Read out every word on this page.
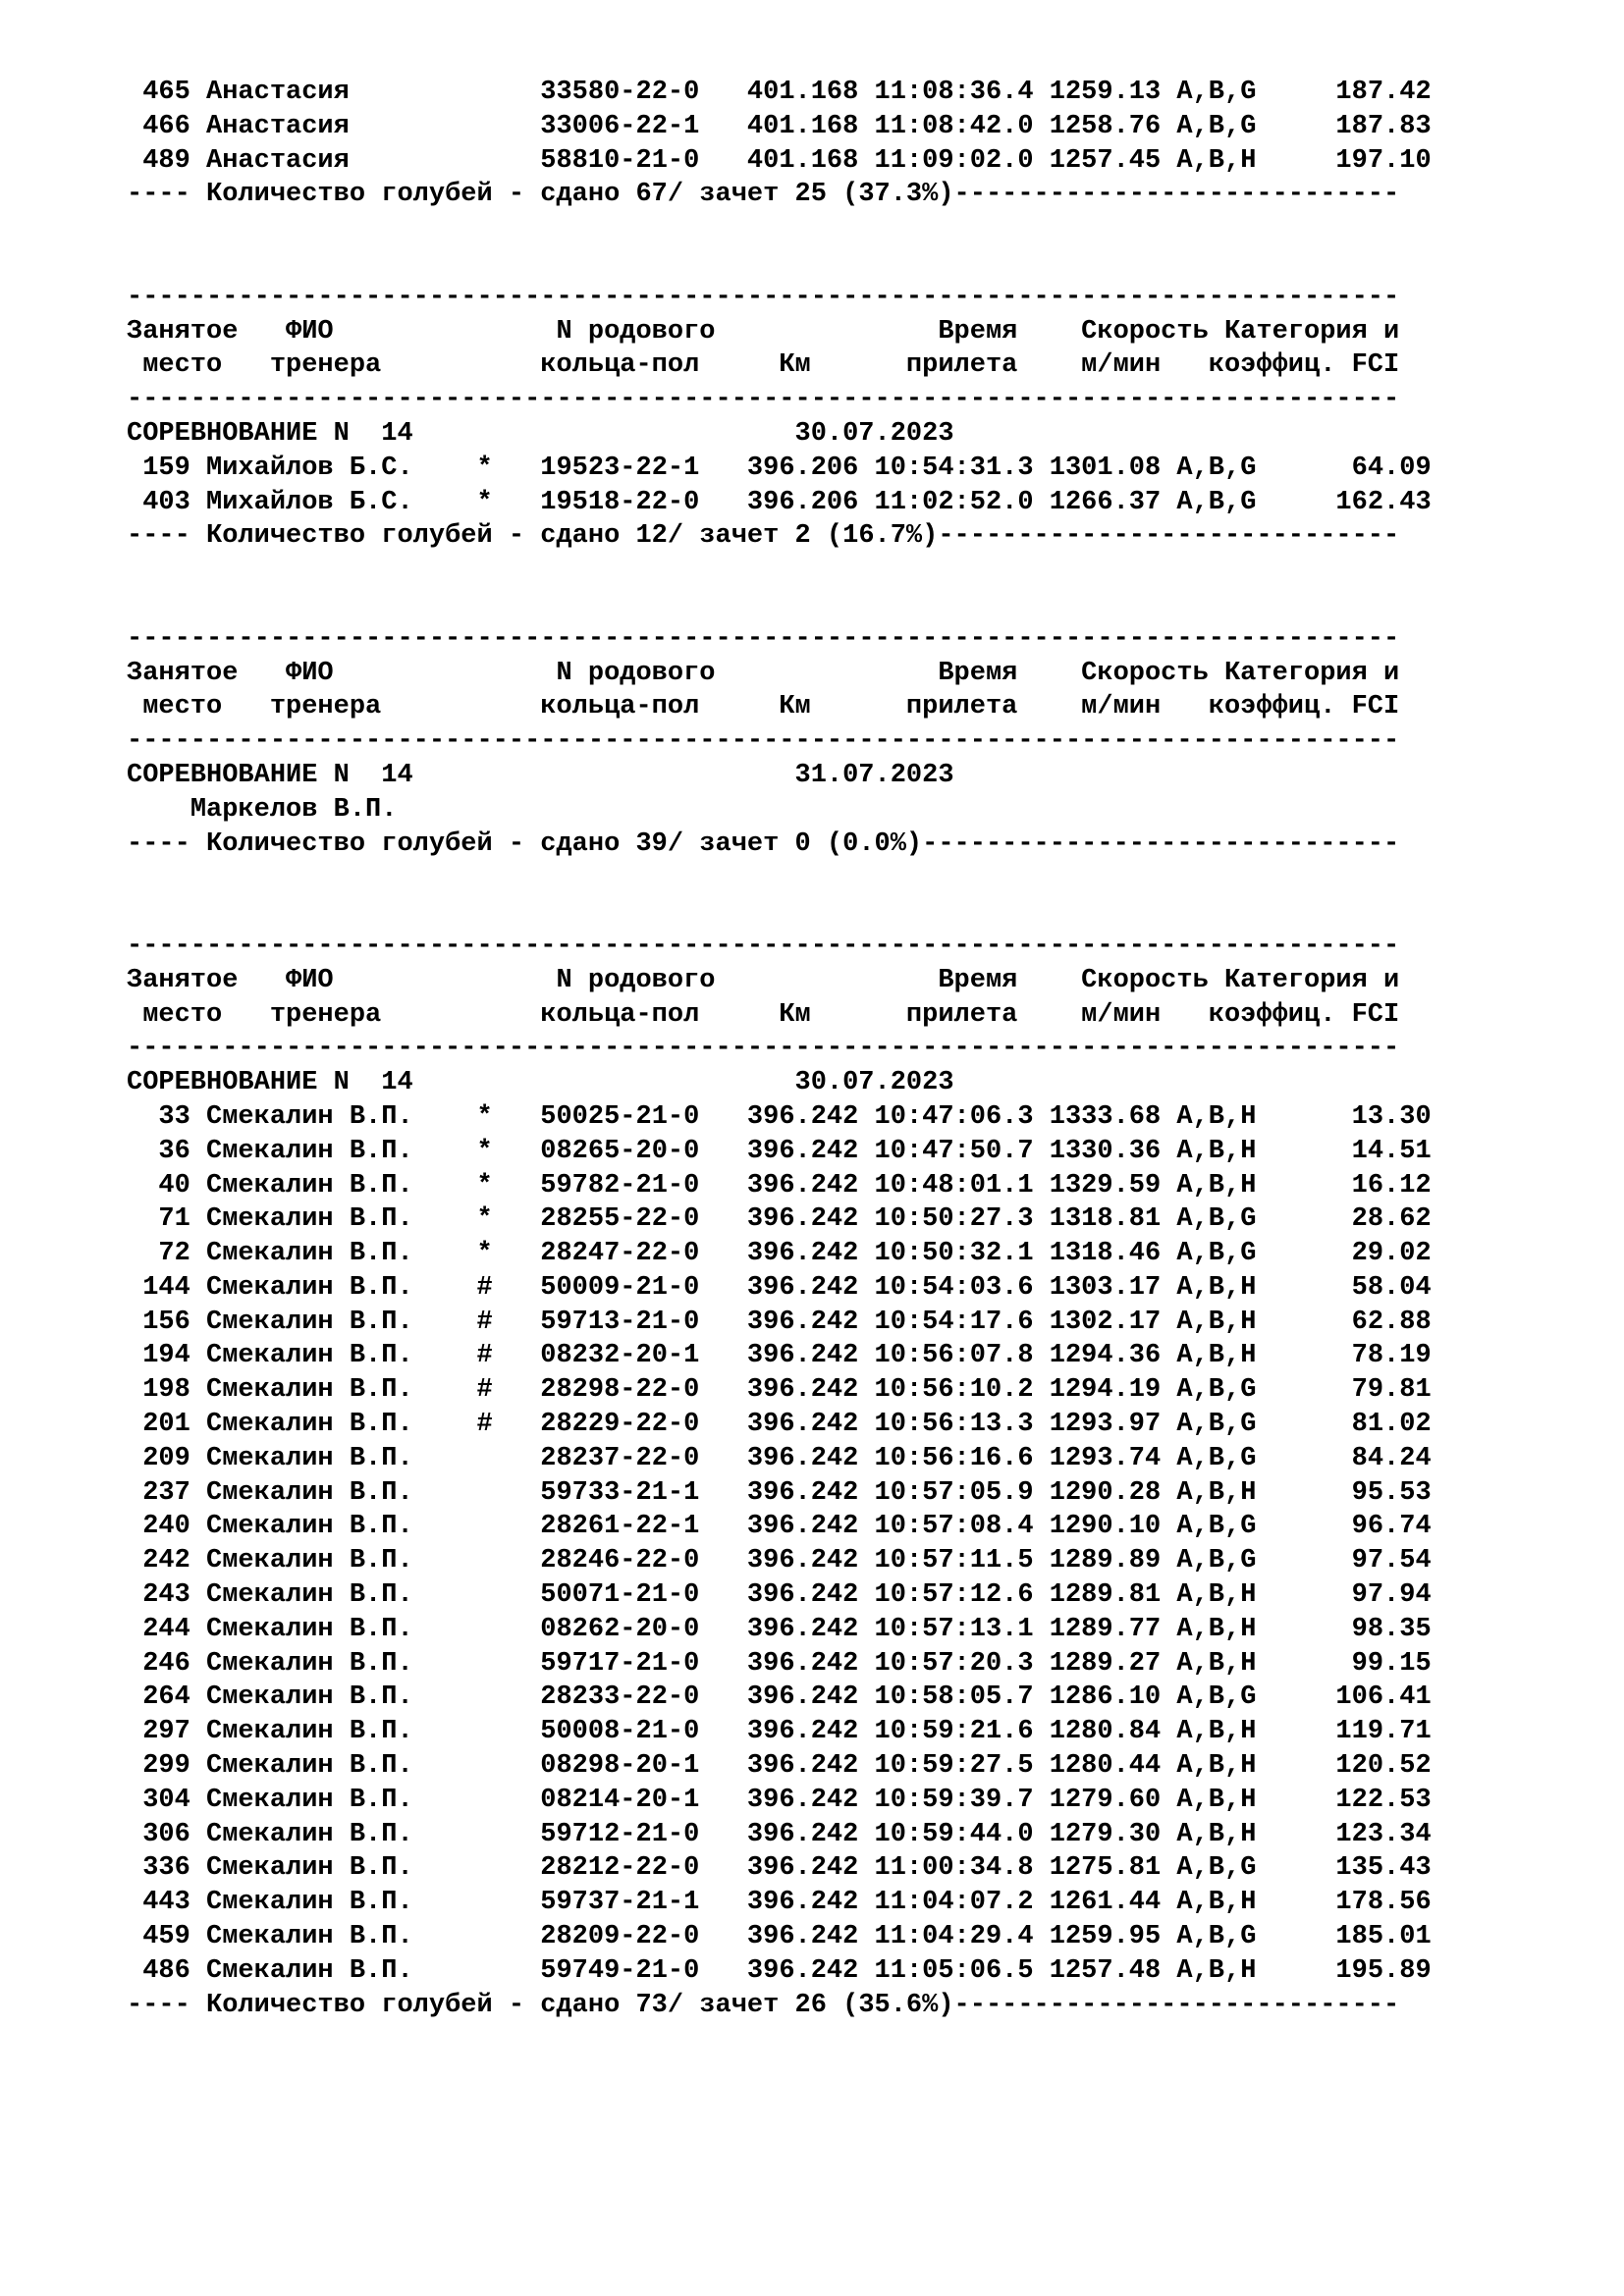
465 Анастасия	33580-22-0 401.168 11:08:36.4 1259.13 A,B,G     187.42
466 Анастасия	33006-22-1 401.168 11:08:42.0 1258.76 A,B,G     187.83
489 Анастасия	58810-21-0 401.168 11:09:02.0 1257.45 A,B,H     197.10
---- Количество голубей - сдано 67/ зачет 25 (37.3%)----------------------------

--------------------------------------------------------------------------------
Занятое   ФИО              N родового              Время    Скорость Категория и
место   тренера          кольца-пол     Км      прилета    м/мин   коэффиц. FCI
--------------------------------------------------------------------------------
СОРЕВНОВАНИЕ N  14                        30.07.2023
159 Михайлов Б.С.    * 19523-22-1 396.206 10:54:31.3 1301.08 A,B,G      64.09
403 Михайлов Б.С.    * 19518-22-0 396.206 11:02:52.0 1266.37 A,B,G     162.43
---- Количество голубей - сдано 12/ зачет 2 (16.7%)-----------------------------

--------------------------------------------------------------------------------
Занятое   ФИО              N родового              Время    Скорость Категория и
место   тренера          кольца-пол     Км      прилета    м/мин   коэффиц. FCI
--------------------------------------------------------------------------------
СОРЕВНОВАНИЕ N  14                        31.07.2023
Маркелов В.П.
---- Количество голубей - сдано 39/ зачет 0 (0.0%)------------------------------

--------------------------------------------------------------------------------
Занятое   ФИО              N родового              Время    Скорость Категория и
место   тренера          кольца-пол     Км      прилета    м/мин   коэффиц. FCI
--------------------------------------------------------------------------------
СОРЕВНОВАНИЕ N  14                        30.07.2023
33 Смекалин В.П.    * 50025-21-0 396.242 10:47:06.3 1333.68 A,B,H      13.30
36 Смекалин В.П.    * 08265-20-0 396.242 10:47:50.7 1330.36 A,B,H      14.51
40 Смекалин В.П.    * 59782-21-0 396.242 10:48:01.1 1329.59 A,B,H      16.12
71 Смекалин В.П.    * 28255-22-0 396.242 10:50:27.3 1318.81 A,B,G      28.62
72 Смекалин В.П.    * 28247-22-0 396.242 10:50:32.1 1318.46 A,B,G      29.02
144 Смекалин В.П.    # 50009-21-0 396.242 10:54:03.6 1303.17 A,B,H      58.04
156 Смекалин В.П.    # 59713-21-0 396.242 10:54:17.6 1302.17 A,B,H      62.88
194 Смекалин В.П.    # 08232-20-1 396.242 10:56:07.8 1294.36 A,B,H      78.19
198 Смекалин В.П.    # 28298-22-0 396.242 10:56:10.2 1294.19 A,B,G      79.81
201 Смекалин В.П.    # 28229-22-0 396.242 10:56:13.3 1293.97 A,B,G      81.02
209 Смекалин В.П.	28237-22-0 396.242 10:56:16.6 1293.74 A,B,G      84.24
237 Смекалин В.П.	59733-21-1 396.242 10:57:05.9 1290.28 A,B,H      95.53
240 Смекалин В.П.	28261-22-1 396.242 10:57:08.4 1290.10 A,B,G      96.74
242 Смекалин В.П.	28246-22-0 396.242 10:57:11.5 1289.89 A,B,G      97.54
243 Смекалин В.П.	50071-21-0 396.242 10:57:12.6 1289.81 A,B,H      97.94
244 Смекалин В.П.	08262-20-0 396.242 10:57:13.1 1289.77 A,B,H      98.35
246 Смекалин В.П.	59717-21-0 396.242 10:57:20.3 1289.27 A,B,H      99.15
264 Смекалин В.П.	28233-22-0 396.242 10:58:05.7 1286.10 A,B,G     106.41
297 Смекалин В.П.	50008-21-0 396.242 10:59:21.6 1280.84 A,B,H     119.71
299 Смекалин В.П.	08298-20-1 396.242 10:59:27.5 1280.44 A,B,H     120.52
304 Смекалин В.П.	08214-20-1 396.242 10:59:39.7 1279.60 A,B,H     122.53
306 Смекалин В.П.	59712-21-0 396.242 10:59:44.0 1279.30 A,B,H     123.34
336 Смекалин В.П.	28212-22-0 396.242 11:00:34.8 1275.81 A,B,G     135.43
443 Смекалин В.П.	59737-21-1 396.242 11:04:07.2 1261.44 A,B,H     178.56
459 Смекалин В.П.	28209-22-0 396.242 11:04:29.4 1259.95 A,B,G     185.01
486 Смекалин В.П.	59749-21-0 396.242 11:05:06.5 1257.48 A,B,H     195.89
---- Количество голубей - сдано 73/ зачет 26 (35.6%)----------------------------
